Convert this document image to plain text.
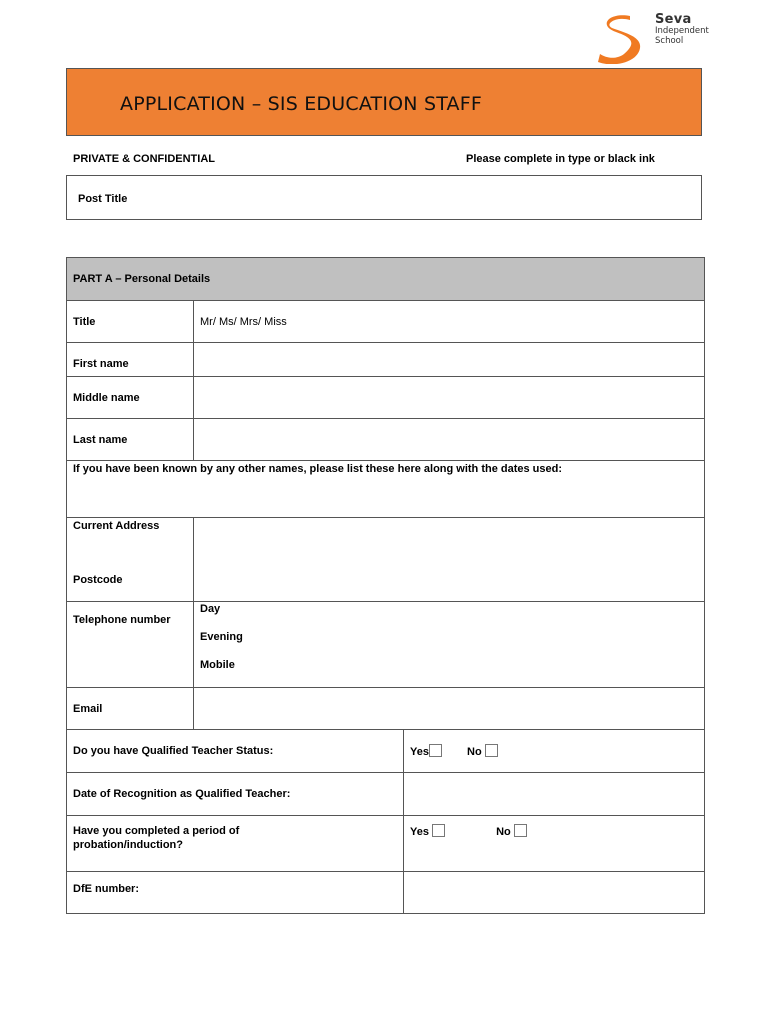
Seva
Independent
School
APPLICATION – SIS EDUCATION STAFF
PRIVATE & CONFIDENTIAL	Please complete in type or black ink
Post Title
PART A – Personal Details		
Title	Mr/ Ms/ Mrs/ Miss	
First name		
Middle name		
Last name		
If you have been known by any other names, please list these here along with the dates used:		

Current Address
Postcode		

Telephone number	Day
Evening
Mobile	

Email		
Do you have Qualified Teacher Status:		Yes No
Date of Recognition as Qualified Teacher:		

Have you completed a period of probation/induction?		Yes No
DfE number:		
